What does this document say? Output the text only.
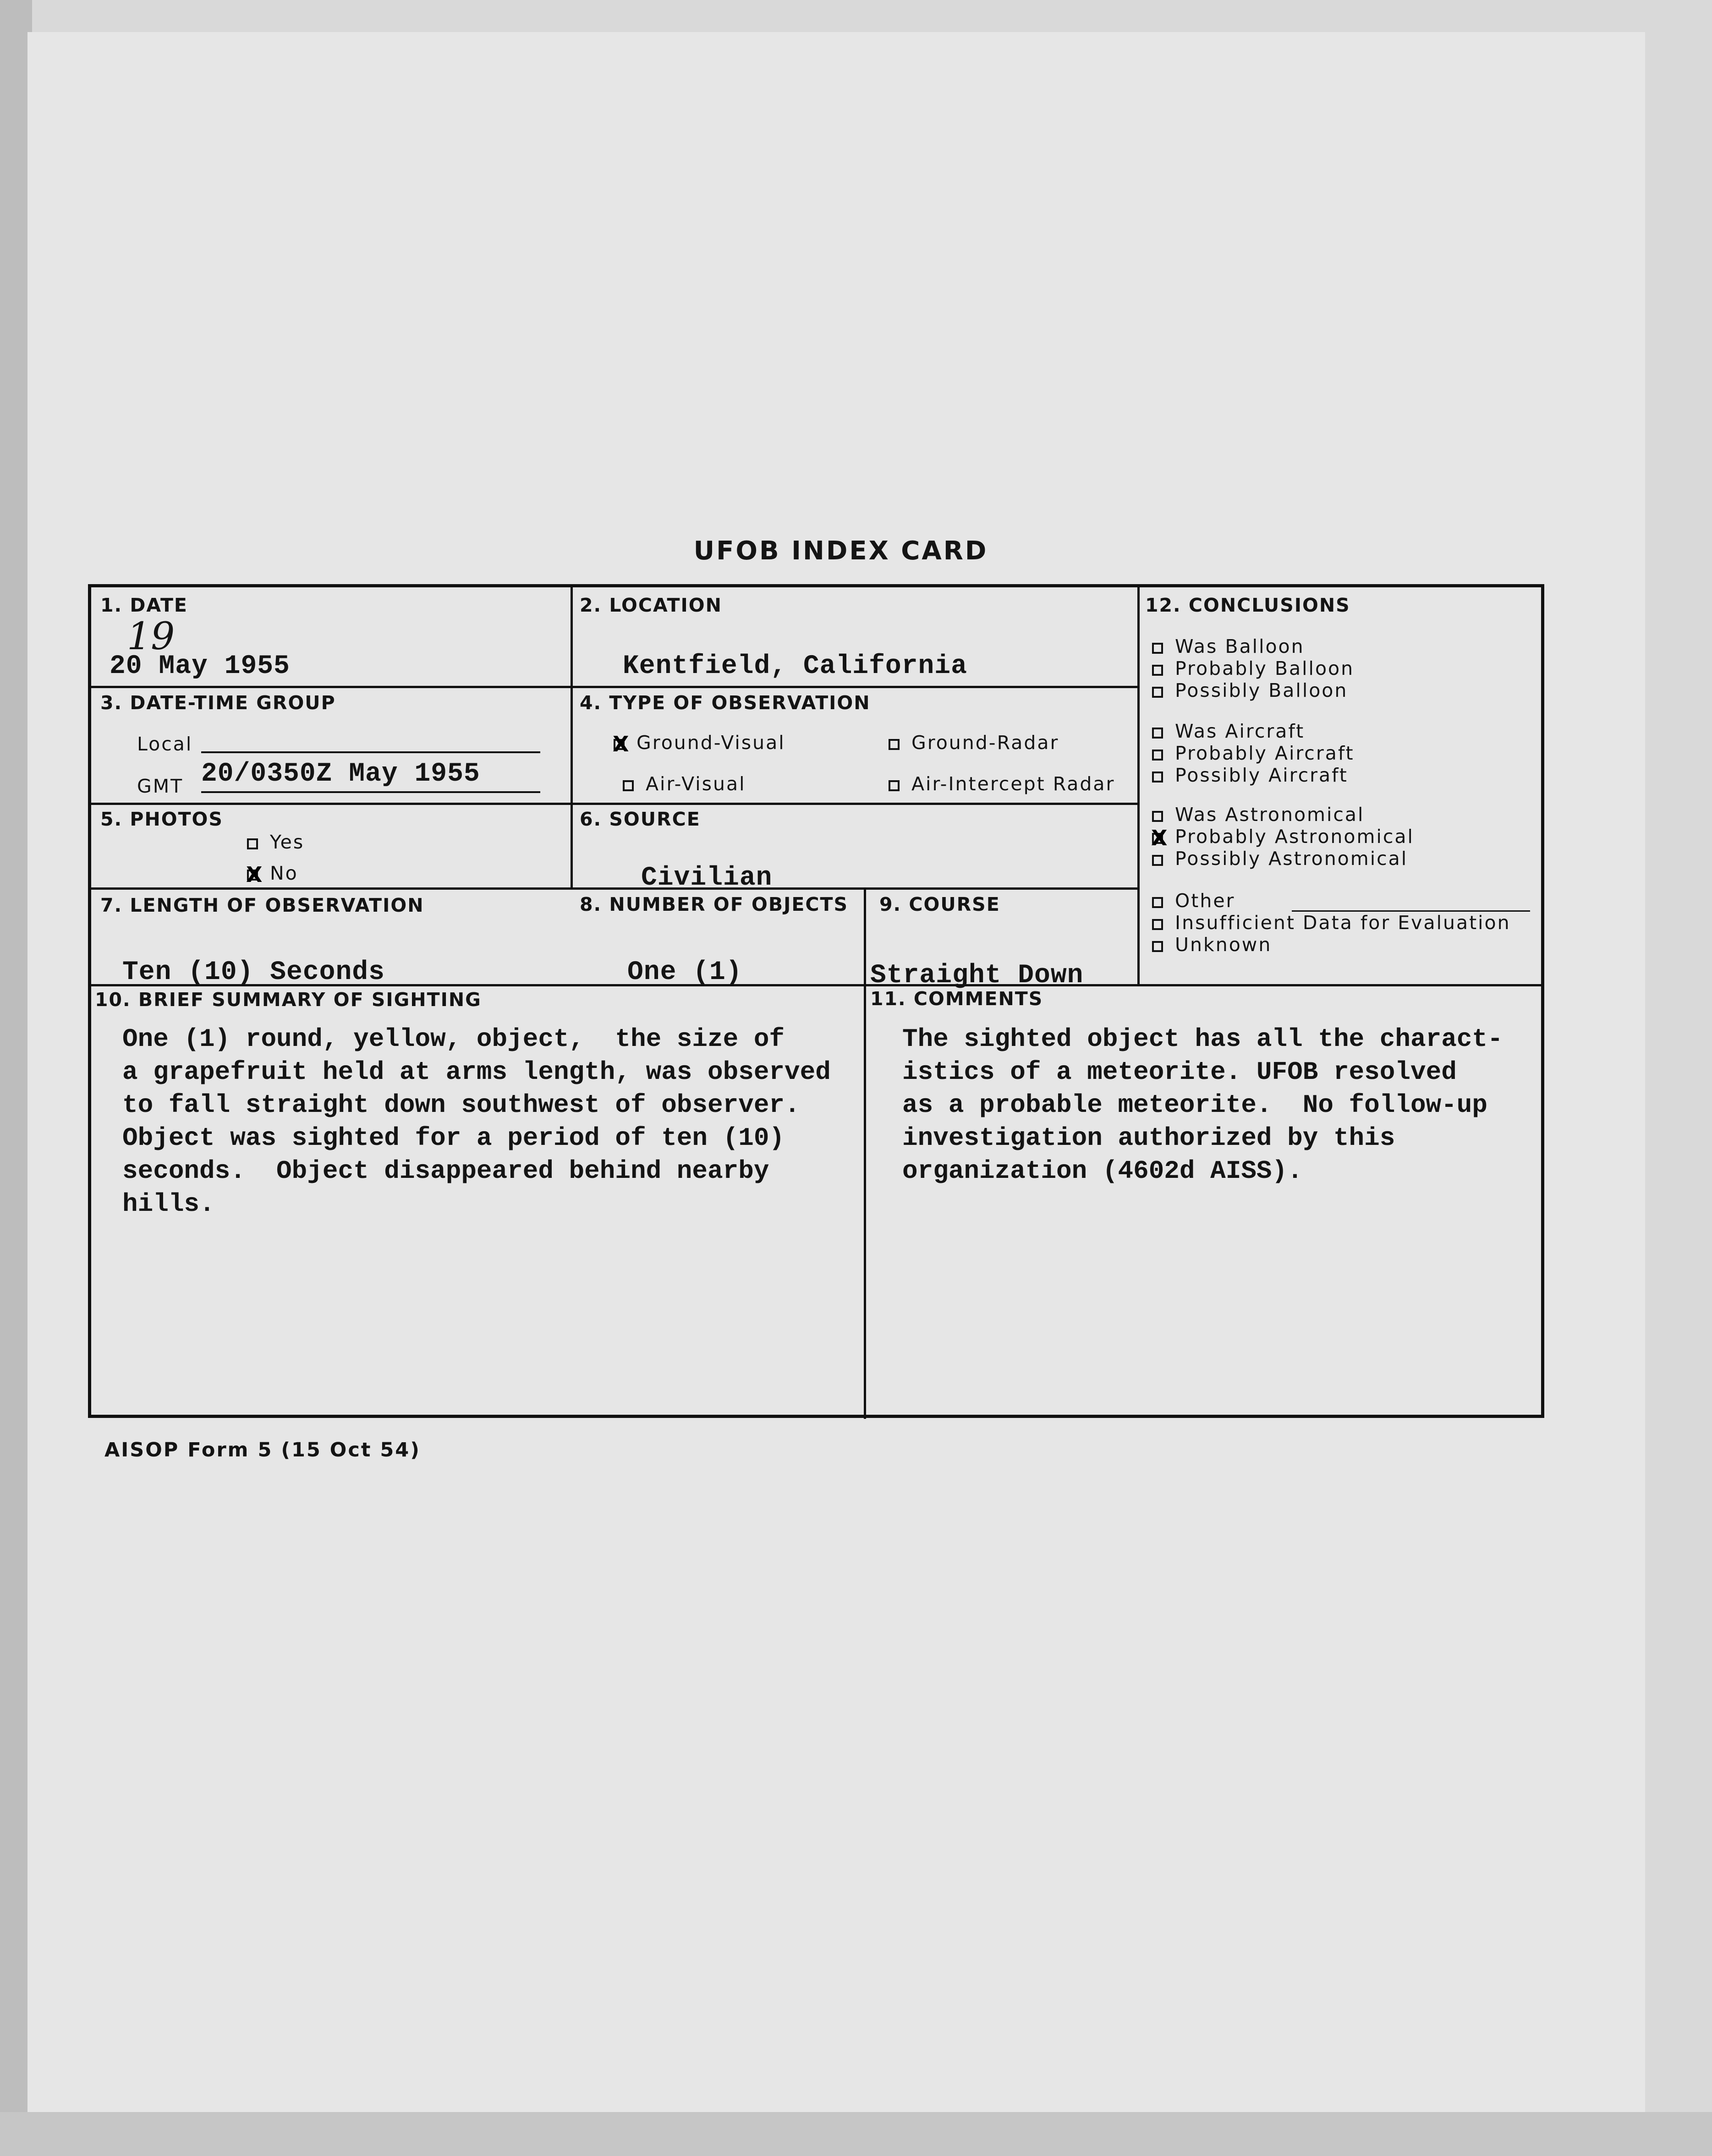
UFOB INDEX CARD
1. DATE
19
20 May 1955
2. LOCATION
Kentfield, California
3. DATE-TIME GROUP
Local
GMT 20/0350Z May 1955
4. TYPE OF OBSERVATION
XGround-Visual	Ground-Radar
Air-Visual	Air-Intercept Radar
5. PHOTOS
Yes
XNo
6. SOURCE
Civilian
7. LENGTH OF OBSERVATION
Ten (10) Seconds
8. NUMBER OF OBJECTS
One (1)
9. COURSE
Straight Down
10. BRIEF SUMMARY OF SIGHTING
One (1) round, yellow, object,  the size of
a grapefruit held at arms length, was observed
to fall straight down southwest of observer.
Object was sighted for a period of ten (10)
seconds.  Object disappeared behind nearby
hills.
11. COMMENTS
The sighted object has all the charact-
istics of a meteorite. UFOB resolved
as a probable meteorite.  No follow-up
investigation authorized by this
organization (4602d AISS).
12. CONCLUSIONS
Was Balloon
Probably Balloon
Possibly Balloon
Was Aircraft
Probably Aircraft
Possibly Aircraft
Was Astronomical
XProbably Astronomical
Possibly Astronomical
Other
Insufficient Data for Evaluation
Unknown
AISOP Form 5 (15 Oct 54)
